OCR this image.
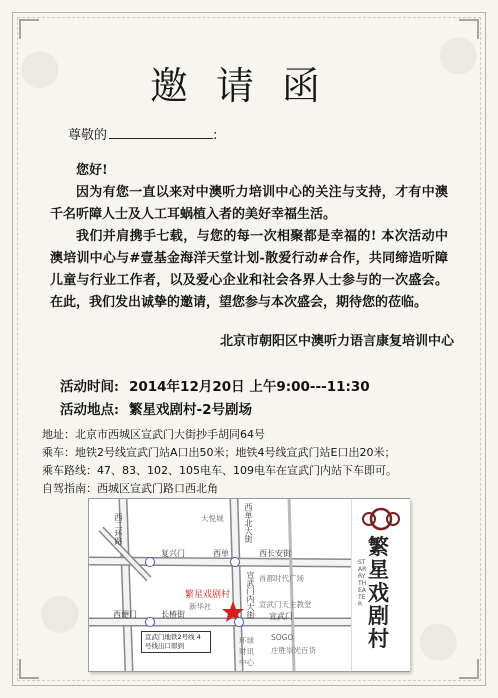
邀请函
尊敬的	:

您好!

因为有您一直以来对中澳听力培训中心的关注与支持，才有中澳千名听障人士及人工耳蜗植入者的美好幸福生活。

我们并肩携手七载，与您的每一次相聚都是幸福的! 本次活动中澳培训中心与#壹基金海洋天堂计划-散爱行动#合作，共同缔造听障儿童与行业工作者，以及爱心企业和社会各界人士参与的一次盛会。在此，我们发出诚挚的邀请，望您参与本次盛会，期待您的莅临。

北京市朝阳区中澳听力语言康复培训中心
活动时间: 2014年12月20日 上午9:00---11:30
活动地点: 繁星戏剧村-2号剧场
地址：北京市西城区宣武门大街抄手胡同64号
乘车：地铁2号线宣武门站A口出50米；地铁4号线宣武门站E口出20米；
乘车路线：47、83、102、105电车、109电车在宣武门内站下车即可。
自驾指南：西城区宣武门路口西北角
西二环路	西单北大街
复兴门	西单	西长安街
宣武门内大街
西便门	长椿街	宣武门
大悦城
首都时代广场
新华社	宣武门天主教堂
环球财讯中心
SOGO
庄胜崇光百货
繁星戏剧村
宣武门地铁2号线 4号线出口即到
STARRY THEATER
繁星戏剧村
